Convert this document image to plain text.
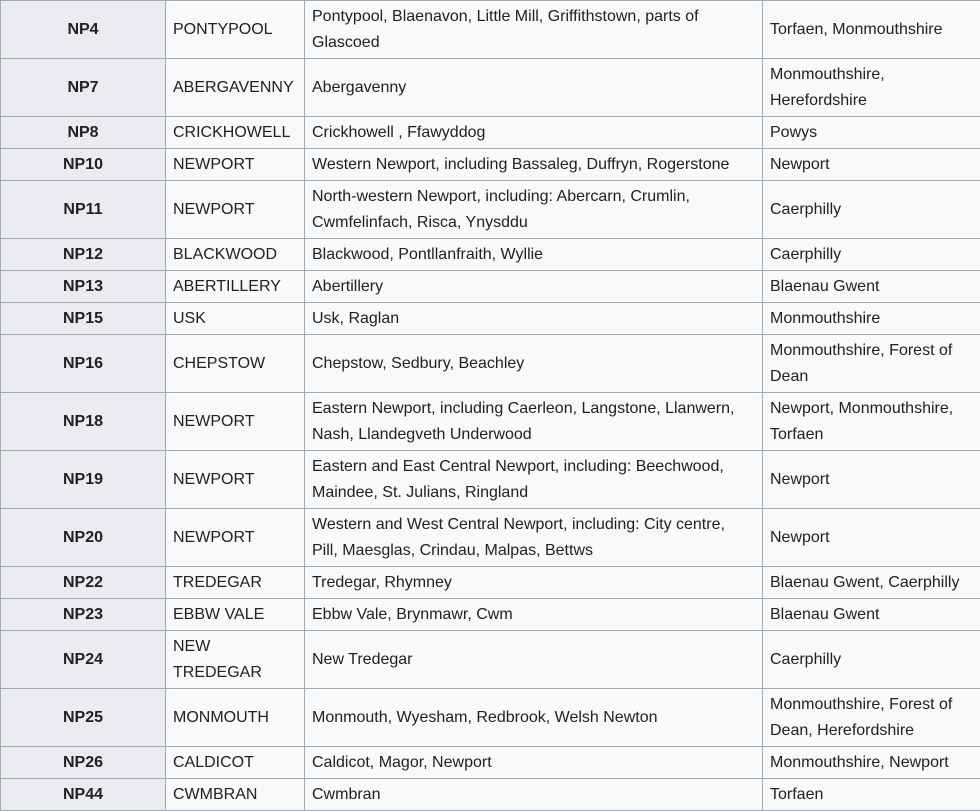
NP4	PONTYPOOL	Pontypool, Blaenavon, Little Mill, Griffithstown, parts of Glascoed	Torfaen, Monmouthshire
NP7	ABERGAVENNY	Abergavenny	Monmouthshire, Herefordshire
NP8	CRICKHOWELL	Crickhowell , Ffawyddog	Powys
NP10	NEWPORT	Western Newport, including Bassaleg, Duffryn, Rogerstone	Newport
NP11	NEWPORT	North-western Newport, including: Abercarn, Crumlin, Cwmfelinfach, Risca, Ynysddu	Caerphilly
NP12	BLACKWOOD	Blackwood, Pontllanfraith, Wyllie	Caerphilly
NP13	ABERTILLERY	Abertillery	Blaenau Gwent
NP15	USK	Usk, Raglan	Monmouthshire
NP16	CHEPSTOW	Chepstow, Sedbury, Beachley	Monmouthshire, Forest of Dean
NP18	NEWPORT	Eastern Newport, including Caerleon, Langstone, Llanwern, Nash, Llandegveth Underwood	Newport, Monmouthshire, Torfaen
NP19	NEWPORT	Eastern and East Central Newport, including: Beechwood, Maindee, St. Julians, Ringland	Newport
NP20	NEWPORT	Western and West Central Newport, including: City centre, Pill, Maesglas, Crindau, Malpas, Bettws	Newport
NP22	TREDEGAR	Tredegar, Rhymney	Blaenau Gwent, Caerphilly
NP23	EBBW VALE	Ebbw Vale, Brynmawr, Cwm	Blaenau Gwent
NP24	NEW TREDEGAR	New Tredegar	Caerphilly
NP25	MONMOUTH	Monmouth, Wyesham, Redbrook, Welsh Newton	Monmouthshire, Forest of Dean, Herefordshire
NP26	CALDICOT	Caldicot, Magor, Newport	Monmouthshire, Newport
NP44	CWMBRAN	Cwmbran	Torfaen
